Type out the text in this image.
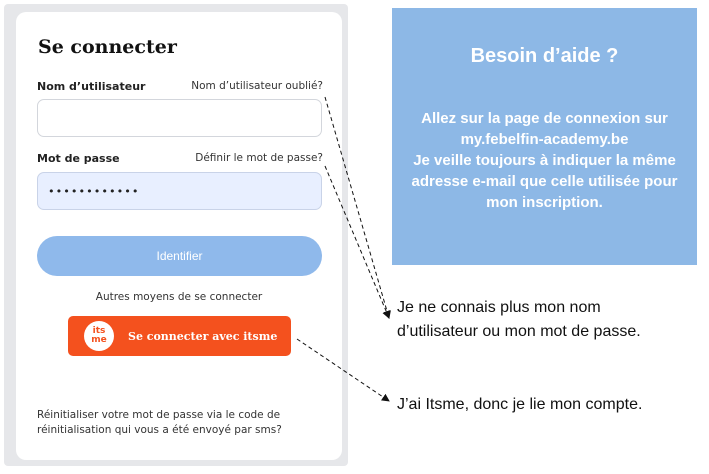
Se connecter
Nom d’utilisateur	Nom d’utilisateur oublié?
Mot de passe	Définir le mot de passe?
••••••••••••
Identifier
Autres moyens de se connecter
its
me Se connecter avec itsme
Réinitialiser votre mot de passe via le code de
réinitialisation qui vous a été envoyé par sms?
Besoin d’aide ?
Allez sur la page de connexion sur
my.febelfin-academy.be
Je veille toujours à indiquer la même
adresse e-mail que celle utilisée pour
mon inscription.
Je ne connais plus mon nom
d’utilisateur ou mon mot de passe.
J’ai Itsme, donc je lie mon compte.
